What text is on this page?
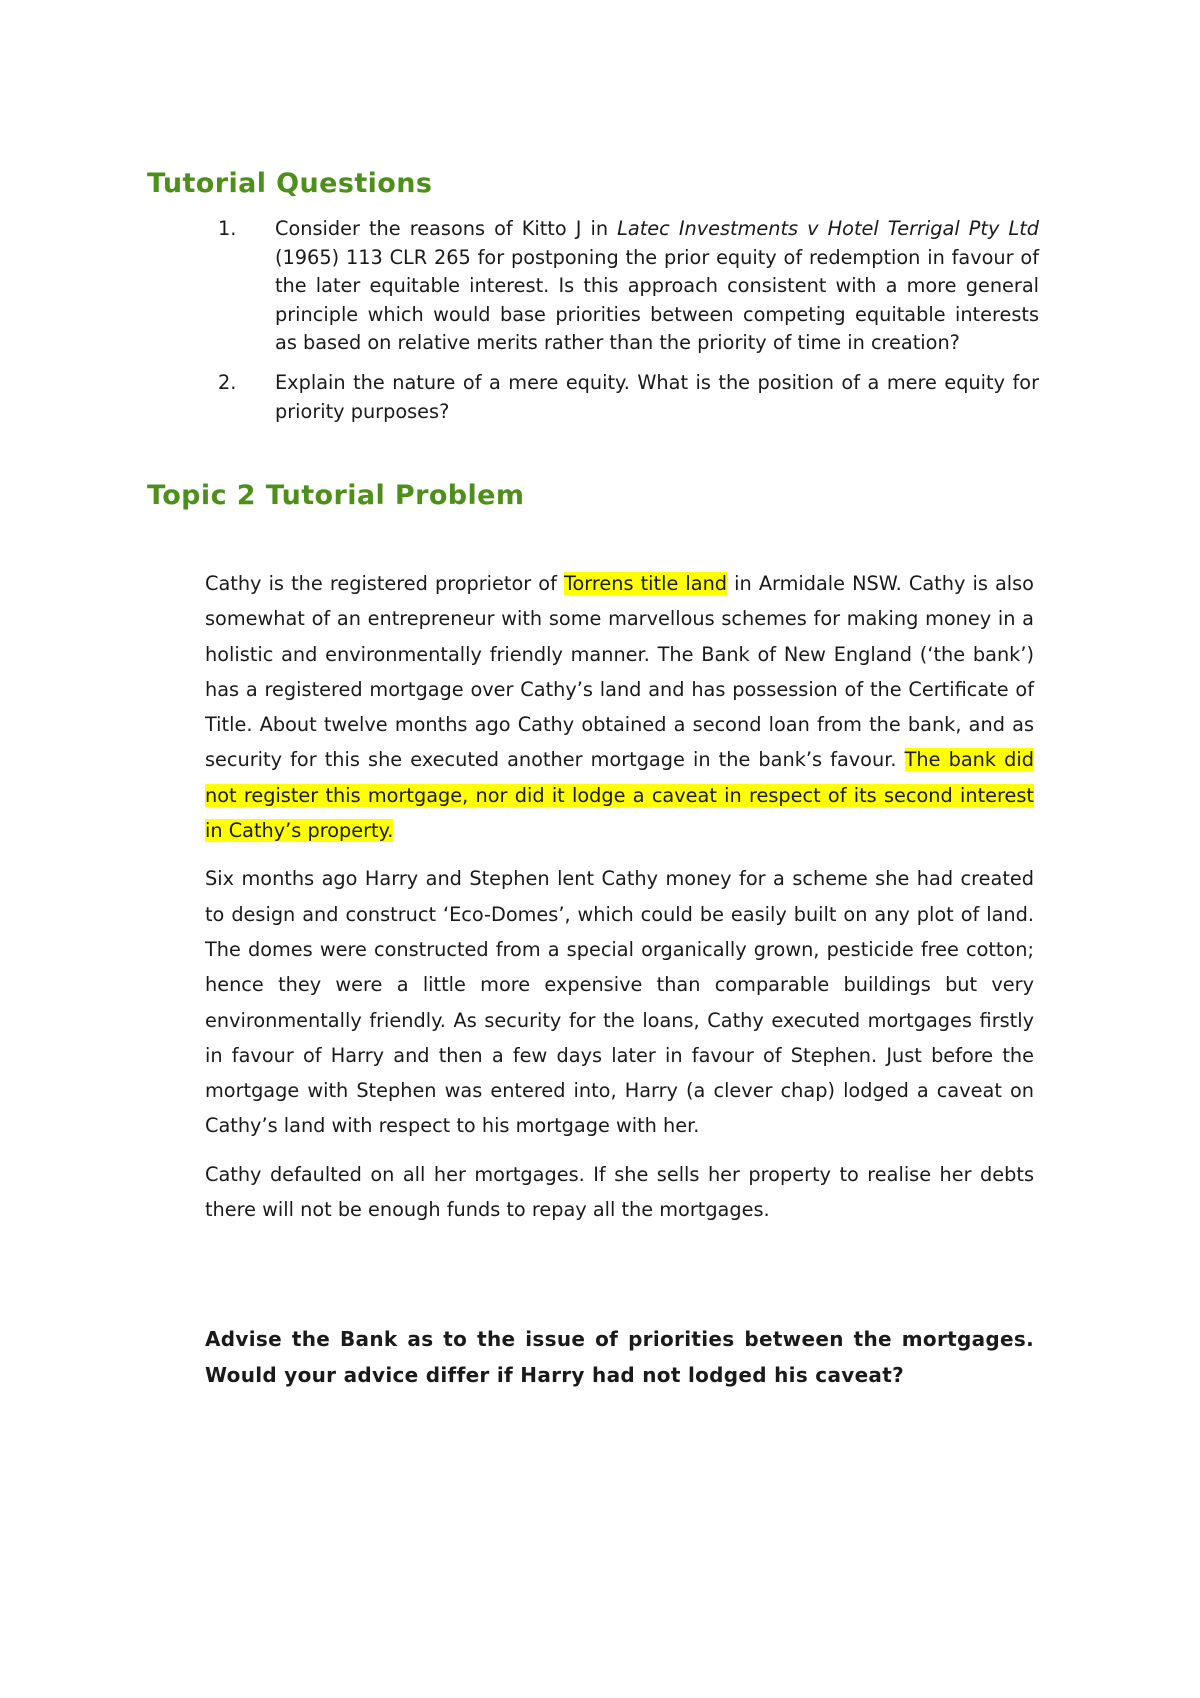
Tutorial Questions
1. Consider the reasons of Kitto J in Latec Investments v Hotel Terrigal Pty Ltd (1965) 113 CLR 265 for postponing the prior equity of redemption in favour of the later equitable interest. Is this approach consistent with a more general principle which would base priorities between competing equitable interests as based on relative merits rather than the priority of time in creation?
2. Explain the nature of a mere equity. What is the position of a mere equity for priority purposes?
Topic 2 Tutorial Problem

Cathy is the registered proprietor of Torrens title land in Armidale NSW. Cathy is also somewhat of an entrepreneur with some marvellous schemes for making money in a holistic and environmentally friendly manner. The Bank of New England (‘the bank’) has a registered mortgage over Cathy’s land and has possession of the Certificate of Title. About twelve months ago Cathy obtained a second loan from the bank, and as security for this she executed another mortgage in the bank’s favour. The bank did not register this mortgage, nor did it lodge a caveat in respect of its second interest in Cathy’s property.

Six months ago Harry and Stephen lent Cathy money for a scheme she had created to design and construct ‘Eco-Domes’, which could be easily built on any plot of land. The domes were constructed from a special organically grown, pesticide free cotton; hence they were a little more expensive than comparable buildings but very environmentally friendly. As security for the loans, Cathy executed mortgages firstly in favour of Harry and then a few days later in favour of Stephen. Just before the mortgage with Stephen was entered into, Harry (a clever chap) lodged a caveat on Cathy’s land with respect to his mortgage with her.

Cathy defaulted on all her mortgages. If she sells her property to realise her debts there will not be enough funds to repay all the mortgages.

Advise the Bank as to the issue of priorities between the mortgages. Would your advice differ if Harry had not lodged his caveat?
